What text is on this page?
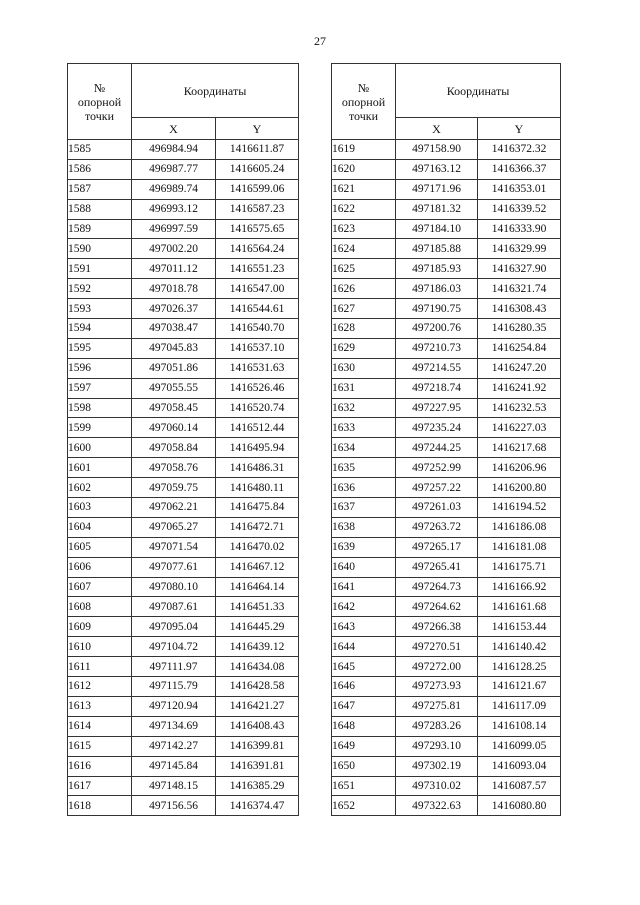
27
№
опорной
точки	Координаты	
	X	Y
1585	496984.94	1416611.87
1586	496987.77	1416605.24
1587	496989.74	1416599.06
1588	496993.12	1416587.23
1589	496997.59	1416575.65
1590	497002.20	1416564.24
1591	497011.12	1416551.23
1592	497018.78	1416547.00
1593	497026.37	1416544.61
1594	497038.47	1416540.70
1595	497045.83	1416537.10
1596	497051.86	1416531.63
1597	497055.55	1416526.46
1598	497058.45	1416520.74
1599	497060.14	1416512.44
1600	497058.84	1416495.94
1601	497058.76	1416486.31
1602	497059.75	1416480.11
1603	497062.21	1416475.84
1604	497065.27	1416472.71
1605	497071.54	1416470.02
1606	497077.61	1416467.12
1607	497080.10	1416464.14
1608	497087.61	1416451.33
1609	497095.04	1416445.29
1610	497104.72	1416439.12
1611	497111.97	1416434.08
1612	497115.79	1416428.58
1613	497120.94	1416421.27
1614	497134.69	1416408.43
1615	497142.27	1416399.81
1616	497145.84	1416391.81
1617	497148.15	1416385.29
1618	497156.56	1416374.47
№
опорной
точки	Координаты	
	X	Y
1619	497158.90	1416372.32
1620	497163.12	1416366.37
1621	497171.96	1416353.01
1622	497181.32	1416339.52
1623	497184.10	1416333.90
1624	497185.88	1416329.99
1625	497185.93	1416327.90
1626	497186.03	1416321.74
1627	497190.75	1416308.43
1628	497200.76	1416280.35
1629	497210.73	1416254.84
1630	497214.55	1416247.20
1631	497218.74	1416241.92
1632	497227.95	1416232.53
1633	497235.24	1416227.03
1634	497244.25	1416217.68
1635	497252.99	1416206.96
1636	497257.22	1416200.80
1637	497261.03	1416194.52
1638	497263.72	1416186.08
1639	497265.17	1416181.08
1640	497265.41	1416175.71
1641	497264.73	1416166.92
1642	497264.62	1416161.68
1643	497266.38	1416153.44
1644	497270.51	1416140.42
1645	497272.00	1416128.25
1646	497273.93	1416121.67
1647	497275.81	1416117.09
1648	497283.26	1416108.14
1649	497293.10	1416099.05
1650	497302.19	1416093.04
1651	497310.02	1416087.57
1652	497322.63	1416080.80
